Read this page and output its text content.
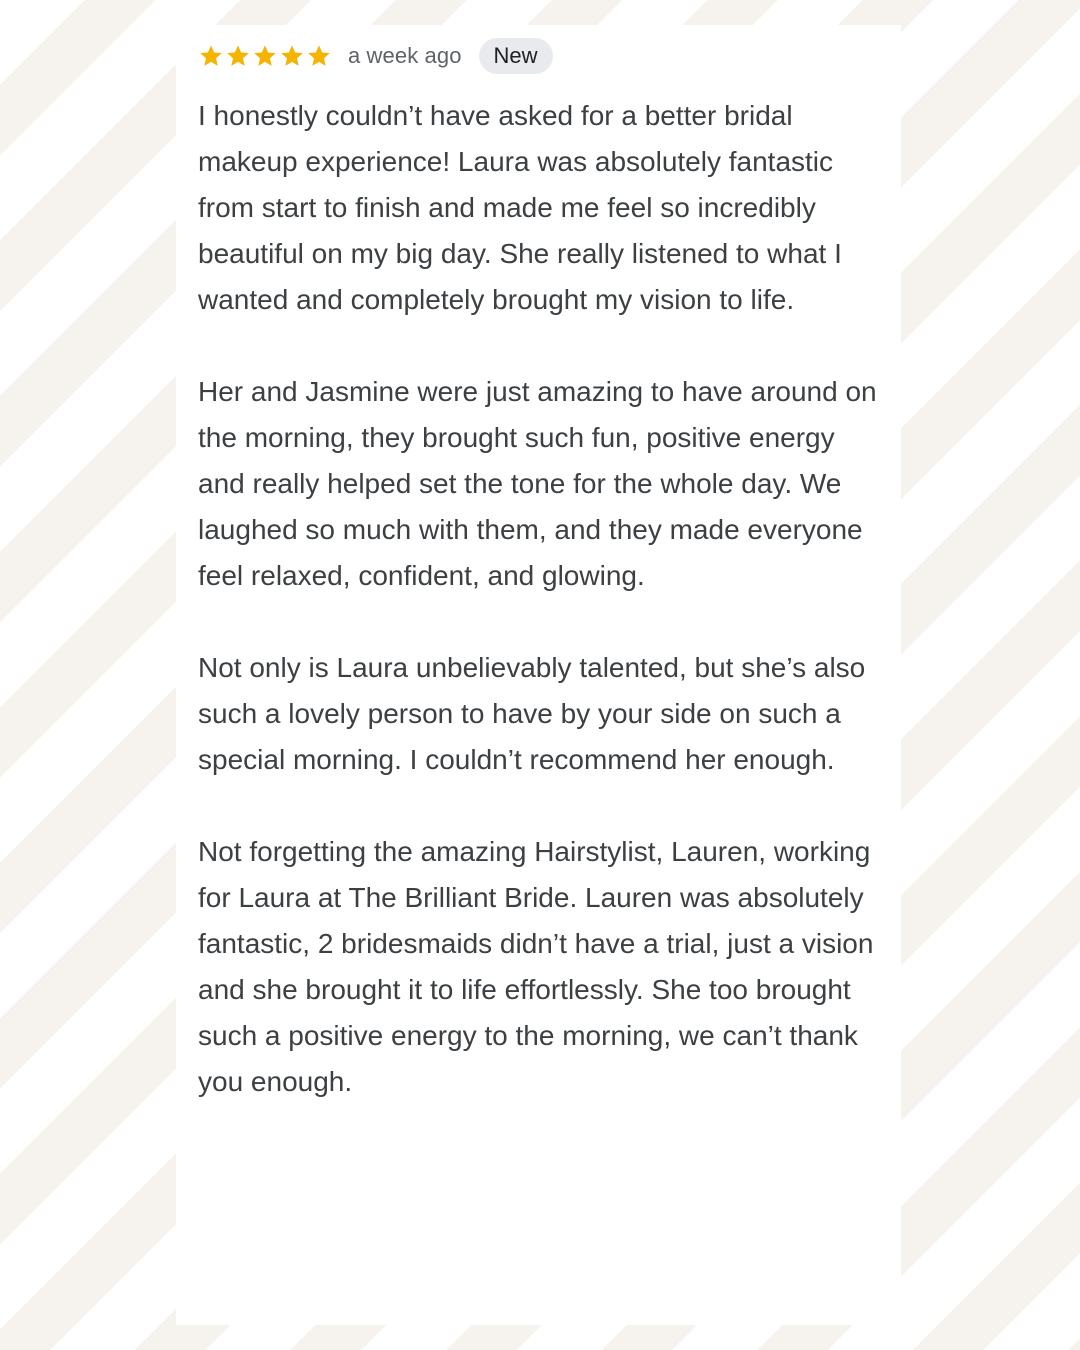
a week ago	New

I honestly couldn’t have asked for a better bridal makeup experience! Laura was absolutely fantastic from start to finish and made me feel so incredibly beautiful on my big day. She really listened to what I wanted and completely brought my vision to life.

Her and Jasmine were just amazing to have around on the morning, they brought such fun, positive energy and really helped set the tone for the whole day. We laughed so much with them, and they made everyone feel relaxed, confident, and glowing.

Not only is Laura unbelievably talented, but she’s also such a lovely person to have by your side on such a special morning. I couldn’t recommend her enough.

Not forgetting the amazing Hairstylist, Lauren, working for Laura at The Brilliant Bride. Lauren was absolutely fantastic, 2 bridesmaids didn’t have a trial, just a vision and she brought it to life effortlessly. She too brought such a positive energy to the morning, we can’t thank you enough.
